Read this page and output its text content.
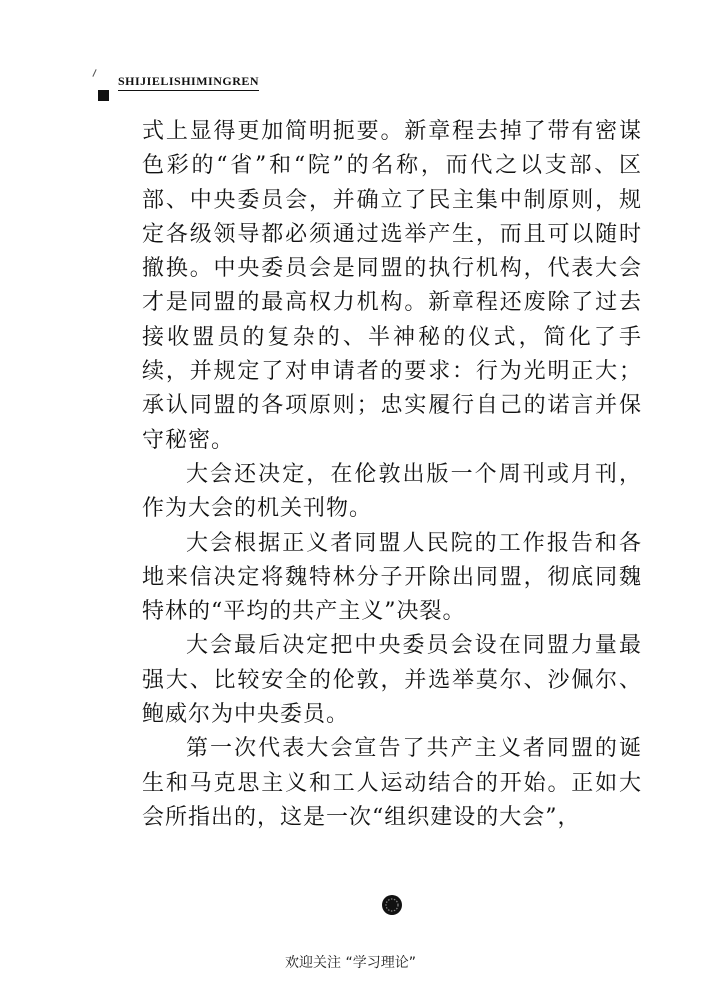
SHIJIELISHIMINGREN

式上显得更加简明扼要。新章程去掉了带有密谋色彩的“省”和“院”的名称，而代之以支部、区部、中央委员会，并确立了民主集中制原则，规定各级领导都必须通过选举产生，而且可以随时撤换。中央委员会是同盟的执行机构，代表大会才是同盟的最高权力机构。新章程还废除了过去接收盟员的复杂的、半神秘的仪式，简化了手续，并规定了对申请者的要求：行为光明正大；承认同盟的各项原则；忠实履行自己的诺言并保守秘密。

大会还决定，在伦敦出版一个周刊或月刊，作为大会的机关刊物。

大会根据正义者同盟人民院的工作报告和各地来信决定将魏特林分子开除出同盟，彻底同魏特林的“平均的共产主义”决裂。

大会最后决定把中央委员会设在同盟力量最强大、比较安全的伦敦，并选举莫尔、沙佩尔、鲍威尔为中央委员。

第一次代表大会宣告了共产主义者同盟的诞生和马克思主义和工人运动结合的开始。正如大会所指出的，这是一次“组织建设的大会”，

欢迎关注 “学习理论”
